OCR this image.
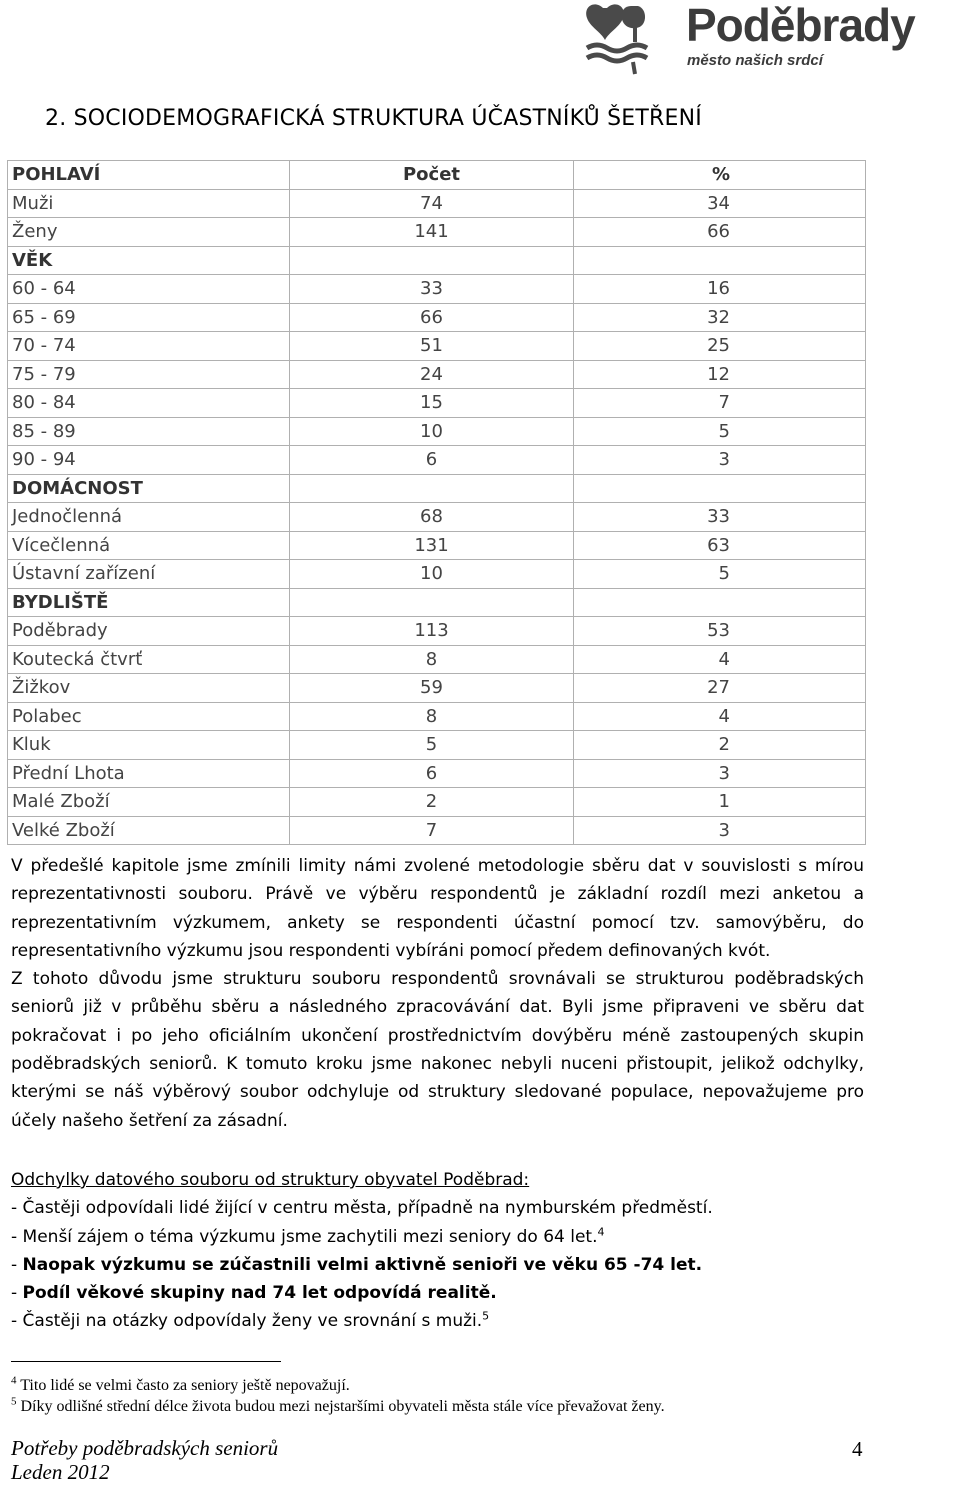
Poděbrady
město našich srdcí
2. SOCIODEMOGRAFICKÁ STRUKTURA ÚČASTNÍKŮ ŠETŘENÍ
POHLAVÍ	Počet	%
Muži	74	34
Ženy	141	66
VĚK		
60 - 64	33	16
65 - 69	66	32
70 - 74	51	25
75 - 79	24	12
80 - 84	15	7
85 - 89	10	5
90 - 94	6	3
DOMÁCNOST		
Jednočlenná	68	33
Vícečlenná	131	63
Ústavní zařízení	10	5
BYDLIŠTĚ		
Poděbrady	113	53
Koutecká čtvrť	8	4
Žižkov	59	27
Polabec	8	4
Kluk	5	2
Přední Lhota	6	3
Malé Zboží	2	1
Velké Zboží	7	3

V předešlé kapitole jsme zmínili limity námi zvolené metodologie sběru dat v souvislosti s mírou reprezentativnosti souboru. Právě ve výběru respondentů je základní rozdíl mezi anketou a reprezentativním výzkumem, ankety se respondenti účastní pomocí tzv. samovýběru, do representativního výzkumu jsou respondenti vybíráni pomocí předem definovaných kvót.

Z tohoto důvodu jsme strukturu souboru respondentů srovnávali se strukturou poděbradských seniorů již v průběhu sběru a následného zpracovávání dat. Byli jsme připraveni ve sběru dat pokračovat i po jeho oficiálním ukončení prostřednictvím dovýběru méně zastoupených skupin poděbradských seniorů. K tomuto kroku jsme nakonec nebyli nuceni přistoupit, jelikož odchylky, kterými se náš výběrový soubor odchyluje od struktury sledované populace, nepovažujeme pro účely našeho šetření za zásadní.

Odchylky datového souboru od struktury obyvatel Poděbrad:

- Častěji odpovídali lidé žijící v centru města, případně na nymburském předměstí.

- Menší zájem o téma výzkumu jsme zachytili mezi seniory do 64 let.$^4$

- Naopak výzkumu se zúčastnili velmi aktivně senioři ve věku 65 -74 let.

- Podíl věkové skupiny nad 74 let odpovídá realitě.

- Častěji na otázky odpovídaly ženy ve srovnání s muži.$^5$

$^4$ Tito lidé se velmi často za seniory ještě nepovažují.
$^5$ Díky odlišné střední délce života budou mezi nejstaršími obyvateli města stále více převažovat ženy.
Potřeby poděbradských seniorů
Leden 2012
4
